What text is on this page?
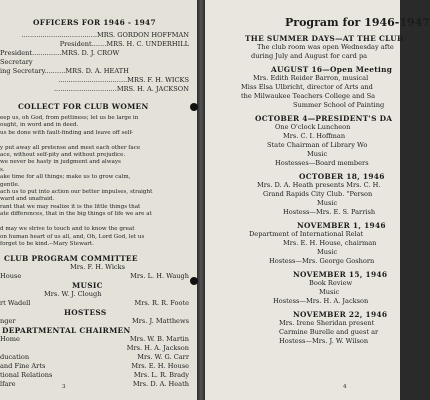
OFFICERS FOR 1946 - 1947
....................................MRS. GORDON HOFFMAN
President.......MRS. H. C. UNDERHILL
President..............MRS. D. J. CROW
Secretary
ing Secretary..........MRS. D. A. HEATH
.................................MRS. F. H. WICKS
..............................MRS. H. A. JACKSON
COLLECT FOR CLUB WOMEN
eep us, oh God, from pettiness; let us be large in
ought, in word and in deed.
us be done with fault-finding and leave off self-

y put away all pretense and meet each other face
ace, without self-pity and without prejudice.
we never be hasty in judgment and always
s.
ake time for all things; make us to grow calm,
gentle.
ach us to put into action our better impulses, straight
ward and unafraid.
rant that we may realize it is the little things that
ate differences, that in the big things of life we are at

d may we strive to touch and to know the great
on human heart of us all, and, Oh, Lord God, let us
forget to be kind.--Mary Stewart.
CLUB PROGRAM COMMITTEE
Mrs. F. H. Wicks
House	Mrs. L. H. Waugh
MUSIC
Mrs. W. J. Clough
rt Wadell	Mrs. R. R. Foote
HOSTESS
nger	Mrs. J. Matthews
DEPARTMENTAL CHAIRMEN
Home	Mrs. W. B. Martin
Mrs. H. A. Jackson
ducation	Mrs. W. G. Carr
and Fine Arts	Mrs. E. H. House
tional Relations	Mrs. L. R. Brady
lfare	Mrs. D. A. Heath
3
Program for 1946-1947
THE SUMMER DAYS—AT THE CLUB
The club room was open Wednesday afte
during July and August for card pa
AUGUST 16—Open Meeting
Mrs. Edith Reider Barron, musical
Miss Elsa Ulbricht, director of Arts and
the Milwaukee Teachers College and Sa
Summer School of Painting
OCTOBER 4—PRESIDENT'S DA
One O'clock Luncheon
Mrs. C. I. Hoffman
State Chairman of Library Wo
Music
Hostesses—Board members
OCTOBER 18, 1946
Mrs. D. A. Heath presents Mrs. C. H.
Grand Rapids City Club. "Person
Music
Hostess—Mrs. E. S. Parrish
NOVEMBER 1, 1946
Department of International Relat
Mrs. E. H. House, chairman
Music
Hostess—Mrs. George Goshorn
NOVEMBER 15, 1946
Book Review
Music
Hostess—Mrs. H. A. Jackson
NOVEMBER 22, 1946
Mrs. Irene Sheridan present
Carmine Burelle and guest ar
Hostess—Mrs. J. W. Wilson
4
